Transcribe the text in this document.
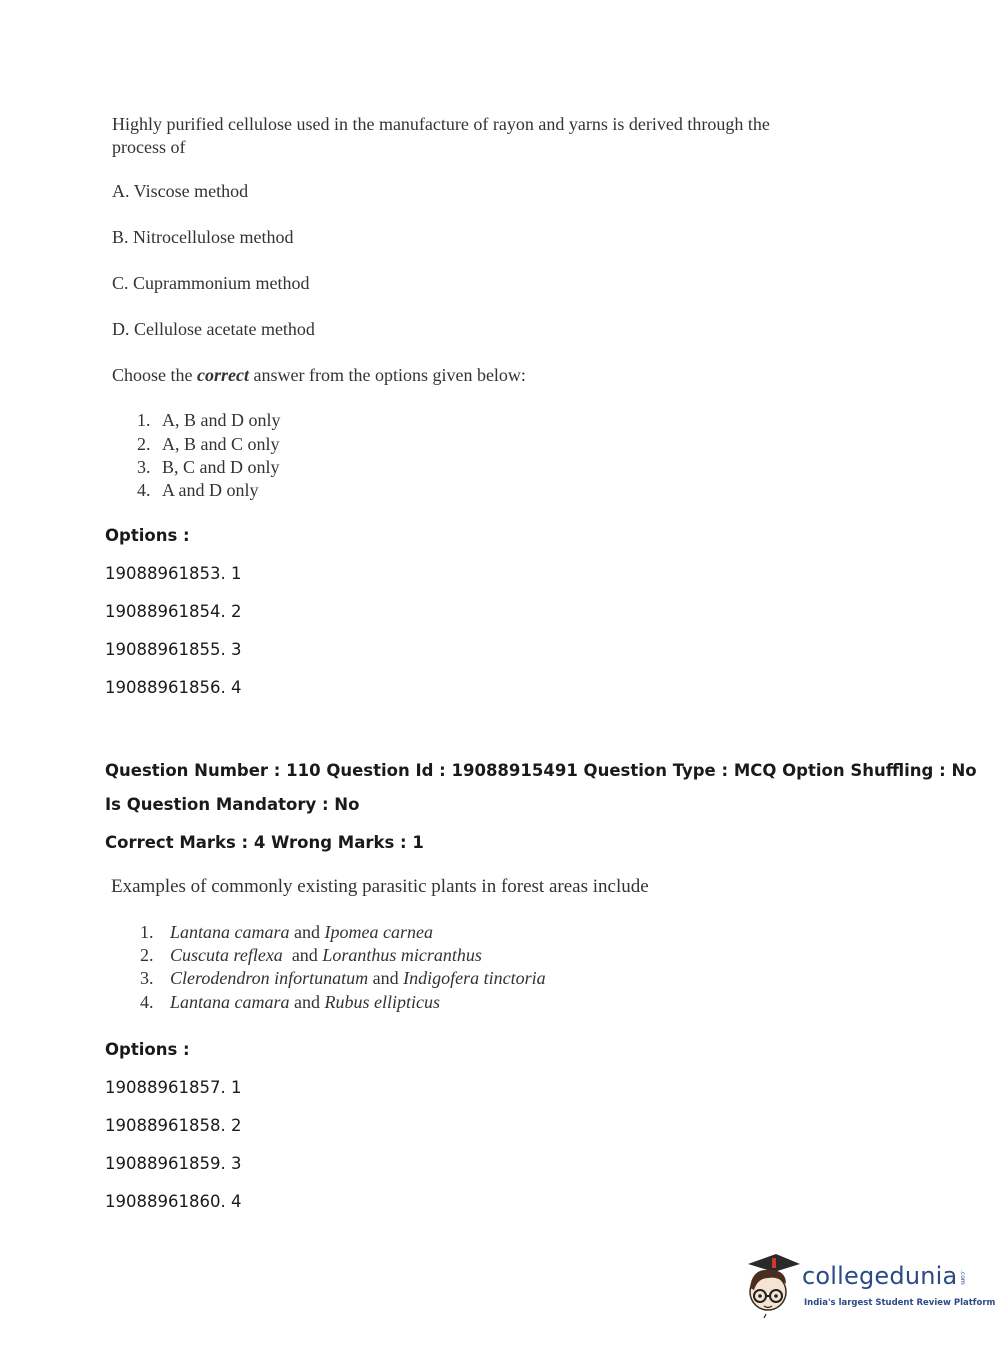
Highly purified cellulose used in the manufacture of rayon and yarns is derived through the
process of
A. Viscose method
B. Nitrocellulose method
C. Cuprammonium method
D. Cellulose acetate method
Choose the correct answer from the options given below:
1. A, B and D only
2. A, B and C only
3. B, C and D only
4. A and D only
Options :
19088961853. 1
19088961854. 2
19088961855. 3
19088961856. 4
Question Number : 110 Question Id : 19088915491 Question Type : MCQ Option Shuffling : No
Is Question Mandatory : No
Correct Marks : 4 Wrong Marks : 1
Examples of commonly existing parasitic plants in forest areas include
1. Lantana camara and Ipomea carnea
2. Cuscuta reflexa  and Loranthus micranthus
3. Clerodendron infortunatum and Indigofera tinctoria
4. Lantana camara and Rubus ellipticus
Options :
19088961857. 1
19088961858. 2
19088961859. 3
19088961860. 4
collegedunia .com
India's largest Student Review Platform
